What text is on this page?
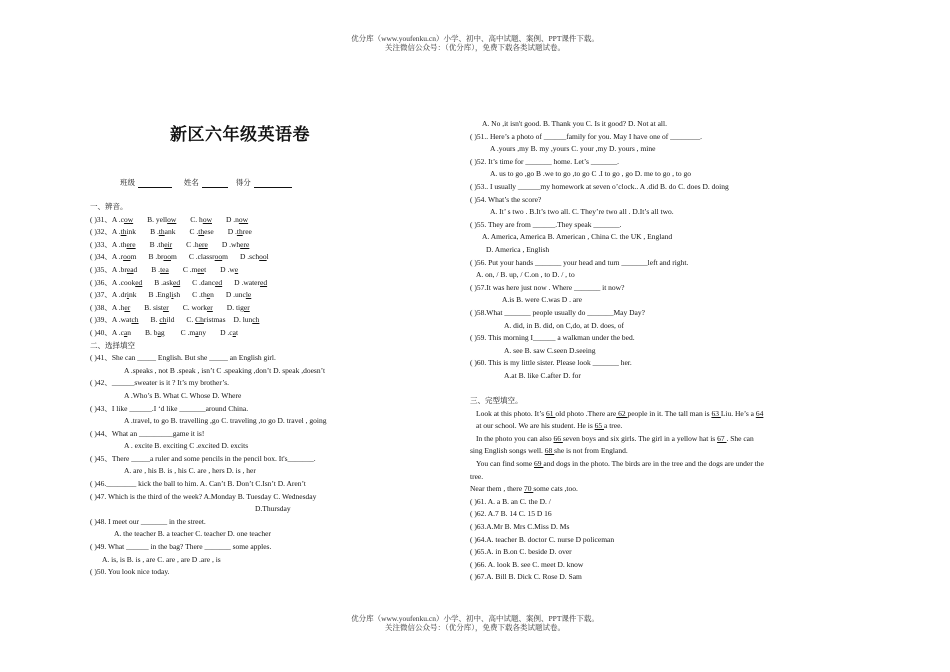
优分库（www.youfenku.cn）小学、初中、高中试题、案例、PPT课件下载。
关注微信公众号：（优分库），免费下载各类试题试卷。
新区六年级英语卷
班级	姓名	得分
一、辨音。
( )31、A .cow B. yellow C. how D .now
( )32、A .think B .thank C .these D .three
( )33、A .there B .their C .here D .where
( )34、A .room B .broom C .classroom D .school
( )35、A .bread B .tea C .meet D .we
( )36、A .cooked B .asked C .danced D .watered
( )37、A .drink B .English C .then D .uncle
( )38、A .her B. sister C. worker D. tiger
( )39、A .watch B. child C. Christmas D. lunch
( )40、A .can B. bag C .many D .cat
二、选择填空
( )41、She can _____ English. But she _____ an English girl.
A .speaks , not B .speak , isn’t C .speaking ,don’t D. speak ,doesn’t
( )42、______sweater is it ? It’s my brother’s.
A .Who’s B. What C. Whose D. Where
( )43、I like ______.I ‘d like _______around China.
A .travel, to go B. travelling ,go C. traveling ,to go D. travel , going
( )44、What an _________game it is!
A . excite B. exciting C .excited D. excits
( )45、There _____a ruler and some pencils in the pencil box. It's_______.
A. are , his B. is , his C. are , hers D. is , her
( )46.________ kick the ball to him. A. Can’t B. Don’t C.Isn’t D. Aren’t
( )47. Which is the third of the week? A.Monday B. Tuesday C. Wednesday
D.Thursday
( )48. I meet our _______ in the street.
A. the teacher B. a teacher C. teacher D. one teacher
( )49. What ______ in the bag? There _______ some apples.
A. is, is B. is , are C. are , are D .are , is
( )50. You look nice today.
A. No ,it isn't good. B. Thank you C. Is it good? D. Not at all.
( )51.. Here’s a photo of ______family for you. May I have one of ________.
A .yours ,my B. my ,yours C. your ,my D. yours , mine
( )52. It’s time for _______ home. Let’s _______.
A. us to go ,go B .we to go ,to go C .I to go , go D. me to go , to go
( )53.. I usually ______my homework at seven o’clock.. A .did B. do C. does D. doing
( )54. What’s the score?
A. It’ s two . B.It’s two all. C. They’re two all . D.It’s all two.
( )55. They are from ______.They speak _______.
A. America, America B. American , China C. the UK , England
D. America , English
( )56. Put your hands _______ your head and turn _______left and right.
A. on, / B. up, / C.on , to D. / , to
( )57.It was here just now . Where _______ it now?
A.is B. were C.was D . are
( )58.What _______ people usually do _______May Day?
A. did, in B. did, on C,do, at D. does, of
( )59. This morning I______ a walkman under the bed.
A. see B. saw C.seen D.seeing
( )60. This is my little sister. Please look _______ her.
A.at B. like C.after D. for
三、完型填空。
Look at this photo. It’s 61 old photo .There are 62 people in it. The tall man is 63 Liu. He’s a 64
at our school. We are his student. He is 65 a tree.
In the photo you can also 66 seven boys and six girls. The girl in a yellow hat is 67 . She can
sing English songs well. 68 she is not from England.
You can find some 69 and dogs in the photo. The birds are in the tree and the dogs are under the
tree.
Near them , there 70 some cats ,too.
( )61. A. a B. an C. the D. /
( )62. A.7 B. 14 C. 15 D 16
( )63.A.Mr B. Mrs C.Miss D. Ms
( )64.A. teacher B. doctor C. nurse D policeman
( )65.A. in B.on C. beside D. over
( )66. A. look B. see C. meet D. know
( )67.A. Bill B. Dick C. Rose D. Sam
优分库（www.youfenku.cn）小学、初中、高中试题、案例、PPT课件下载。
关注微信公众号：（优分库），免费下载各类试题试卷。
